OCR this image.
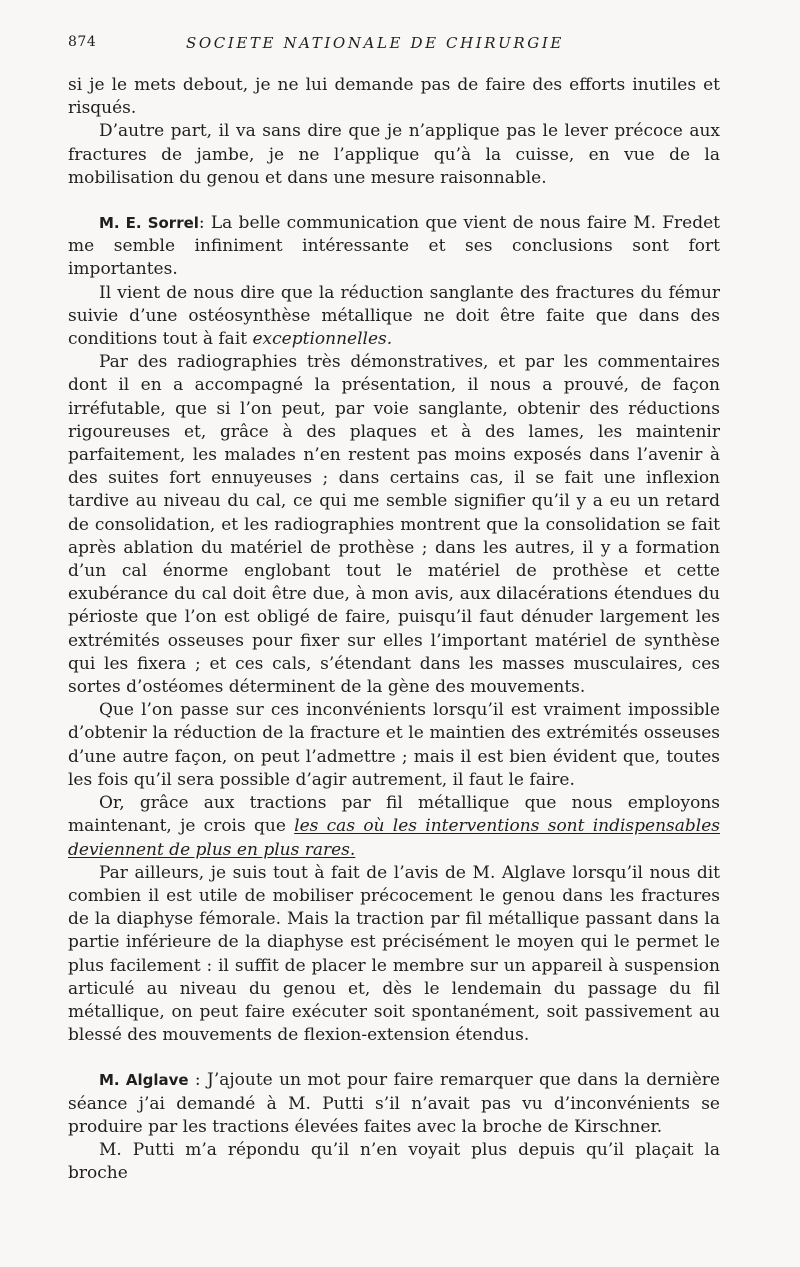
874	SOCIETE NATIONALE DE CHIRURGIE

si je le mets debout, je ne lui demande pas de faire des efforts inutiles et risqués.

D’autre part, il va sans dire que je n’applique pas le lever précoce aux fractures de jambe, je ne l’applique qu’à la cuisse, en vue de la mobilisation du genou et dans une mesure raisonnable.

M. E. Sorrel: La belle communication que vient de nous faire M. Fredet me semble infiniment intéressante et ses conclusions sont fort importantes.

Il vient de nous dire que la réduction sanglante des fractures du fémur suivie d’une ostéosynthèse métallique ne doit être faite que dans des conditions tout à fait exceptionnelles.

Par des radiographies très démonstratives, et par les commentaires dont il en a accompagné la présentation, il nous a prouvé, de façon irréfutable, que si l’on peut, par voie sanglante, obtenir des réductions rigoureuses et, grâce à des plaques et à des lames, les maintenir parfaitement, les malades n’en restent pas moins exposés dans l’avenir à des suites fort ennuyeuses ; dans certains cas, il se fait une inflexion tardive au niveau du cal, ce qui me semble signifier qu’il y a eu un retard de consolidation, et les radiographies montrent que la consolidation se fait après ablation du matériel de prothèse ; dans les autres, il y a formation d’un cal énorme englobant tout le matériel de prothèse et cette exubérance du cal doit être due, à mon avis, aux dilacérations étendues du périoste que l’on est obligé de faire, puisqu’il faut dénuder largement les extrémités osseuses pour fixer sur elles l’important matériel de synthèse qui les fixera ; et ces cals, s’étendant dans les masses musculaires, ces sortes d’ostéomes déterminent de la gène des mouvements.

Que l’on passe sur ces inconvénients lorsqu’il est vraiment impossible d’obtenir la réduction de la fracture et le maintien des extrémités osseuses d’une autre façon, on peut l’admettre ; mais il est bien évident que, toutes les fois qu’il sera possible d’agir autrement, il faut le faire.

Or, grâce aux tractions par fil métallique que nous employons maintenant, je crois que les cas où les interventions sont indispensables deviennent de plus en plus rares.

Par ailleurs, je suis tout à fait de l’avis de M. Alglave lorsqu’il nous dit combien il est utile de mobiliser précocement le genou dans les fractures de la diaphyse fémorale. Mais la traction par fil métallique passant dans la partie inférieure de la diaphyse est précisément le moyen qui le permet le plus facilement : il suffit de placer le membre sur un appareil à suspension articulé au niveau du genou et, dès le lendemain du passage du fil métallique, on peut faire exécuter soit spontanément, soit passivement au blessé des mouvements de flexion-extension étendus.

M. Alglave : J’ajoute un mot pour faire remarquer que dans la dernière séance j’ai demandé à M. Putti s’il n’avait pas vu d’inconvénients se produire par les tractions élevées faites avec la broche de Kirschner.

M. Putti m’a répondu qu’il n’en voyait plus depuis qu’il plaçait la broche
